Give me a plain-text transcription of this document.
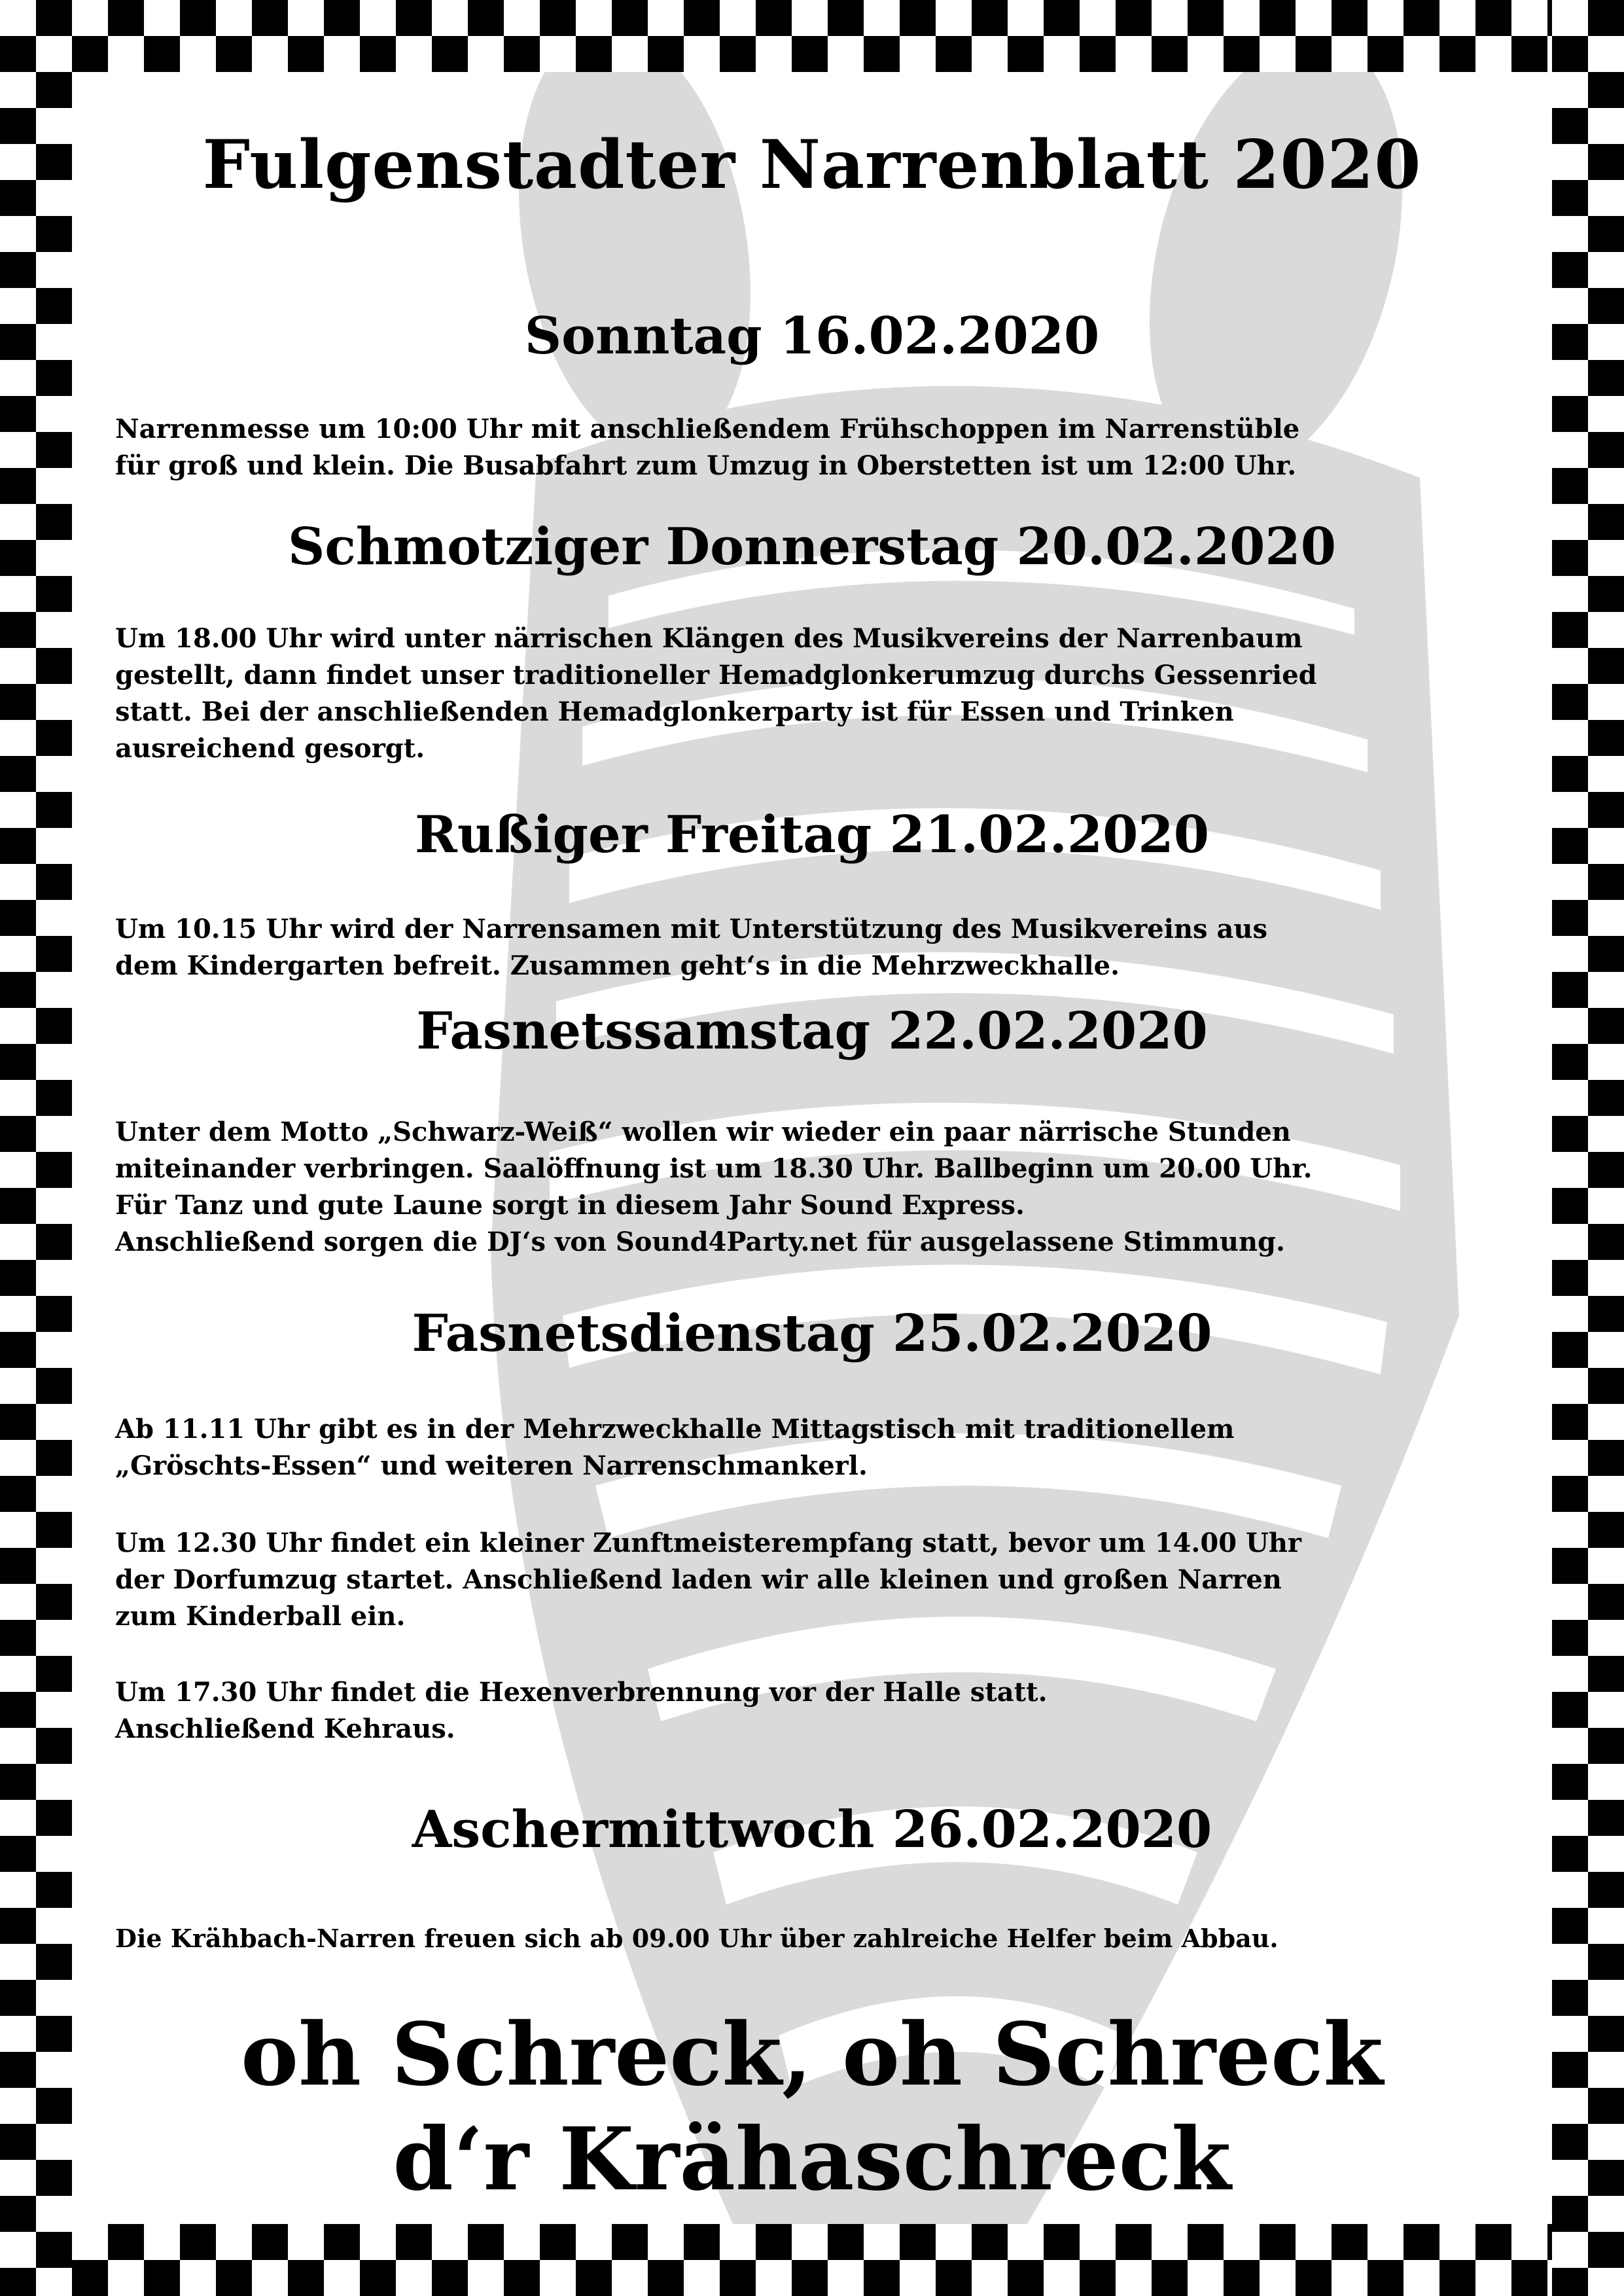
Fulgenstadter Narrenblatt 2020
Sonntag 16.02.2020
Narrenmesse um 10:00 Uhr mit anschließendem Frühschoppen im Narrenstüble
für groß und klein. Die Busabfahrt zum Umzug in Oberstetten ist um 12:00 Uhr.
Schmotziger Donnerstag 20.02.2020
Um 18.00 Uhr wird unter närrischen Klängen des Musikvereins der Narrenbaum
gestellt, dann findet unser traditioneller Hemadglonkerumzug durchs Gessenried
statt. Bei der anschließenden Hemadglonkerparty ist für Essen und Trinken
ausreichend gesorgt.
Rußiger Freitag 21.02.2020
Um 10.15 Uhr wird der Narrensamen mit Unterstützung des Musikvereins aus
dem Kindergarten befreit. Zusammen geht‘s in die Mehrzweckhalle.
Fasnetssamstag 22.02.2020
Unter dem Motto „Schwarz-Weiß“ wollen wir wieder ein paar närrische Stunden
miteinander verbringen. Saalöffnung ist um 18.30 Uhr. Ballbeginn um 20.00 Uhr.
Für Tanz und gute Laune sorgt in diesem Jahr Sound Express.
Anschließend sorgen die DJ‘s von Sound4Party.net für ausgelassene Stimmung.
Fasnetsdienstag 25.02.2020
Ab 11.11 Uhr gibt es in der Mehrzweckhalle Mittagstisch mit traditionellem
„Gröschts-Essen“ und weiteren Narrenschmankerl.
Um 12.30 Uhr findet ein kleiner Zunftmeisterempfang statt, bevor um 14.00 Uhr
der Dorfumzug startet. Anschließend laden wir alle kleinen und großen Narren
zum Kinderball ein.
Um 17.30 Uhr findet die Hexenverbrennung vor der Halle statt.
Anschließend Kehraus.
Aschermittwoch 26.02.2020
Die Krähbach-Narren freuen sich ab 09.00 Uhr über zahlreiche Helfer beim Abbau.
oh Schreck, oh Schreck
d‘r Krähaschreck
